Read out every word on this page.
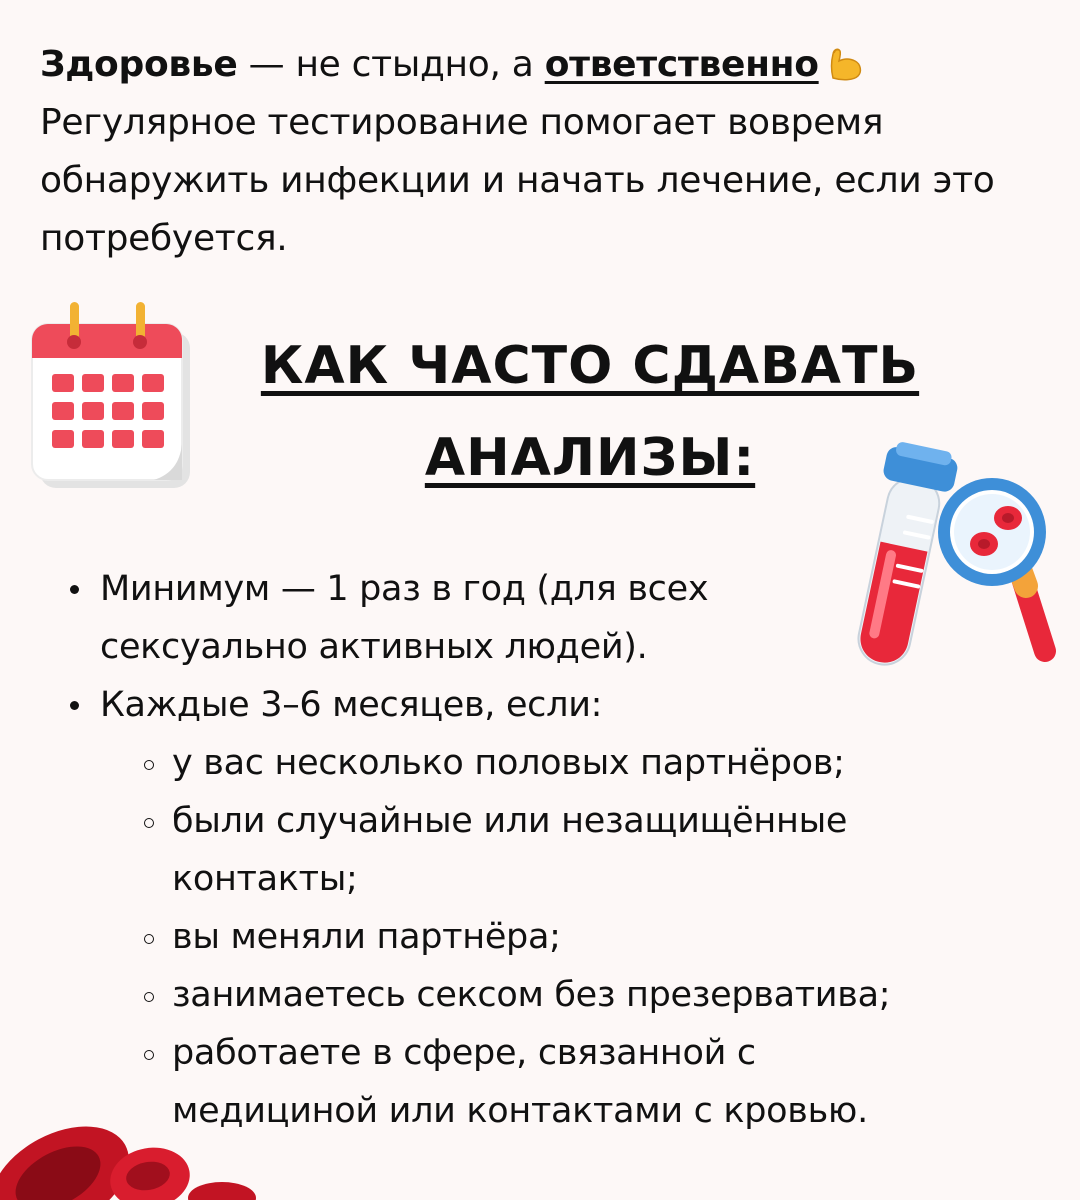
Здоровье — не стыдно, а ответственно
Регулярное тестирование помогает вовремя обнаружить инфекции и начать лечение, если это потребуется.
КАК ЧАСТО СДАВАТЬ
АНАЛИЗЫ:
Минимум — 1 раз в год (для всех сексуально активных людей).
Каждые 3–6 месяцев, если:
у вас несколько половых партнёров;
были случайные или незащищённые контакты;
вы меняли партнёра;
занимаетесь сексом без презерватива;
работаете в сфере, связанной с медициной или контактами с кровью.
